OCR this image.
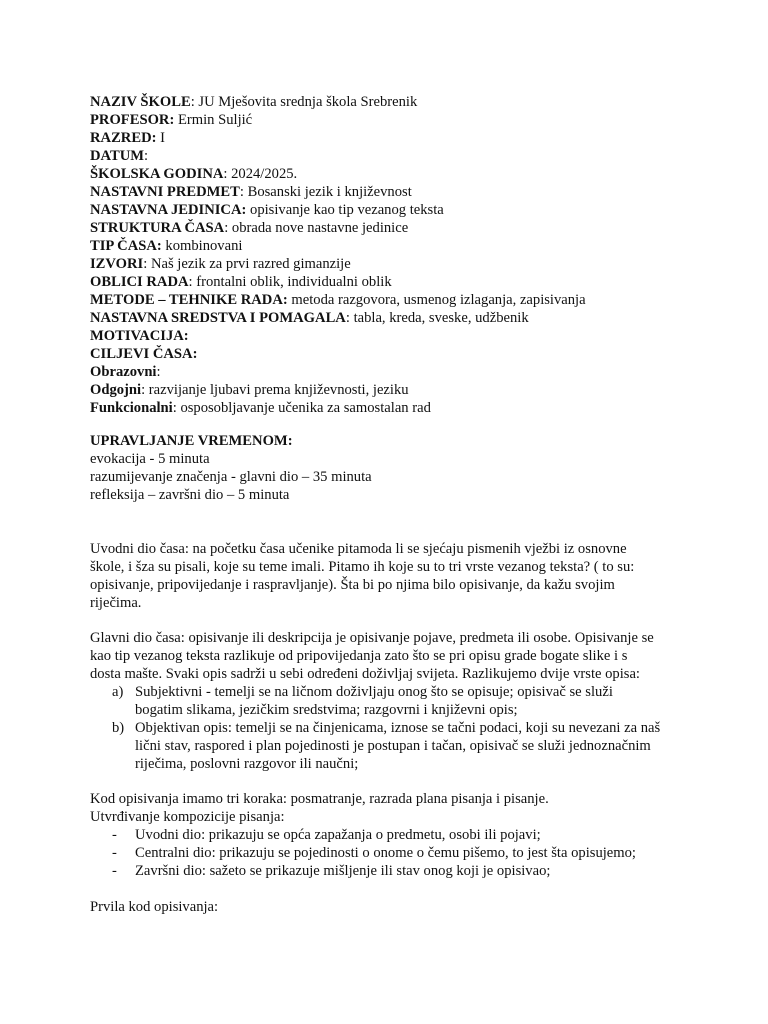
NAZIV ŠKOLE: JU Mješovita srednja škola Srebrenik
PROFESOR: Ermin Suljić
RAZRED: I
DATUM:
ŠKOLSKA GODINA: 2024/2025.
NASTAVNI PREDMET: Bosanski jezik i književnost
NASTAVNA JEDINICA: opisivanje kao tip vezanog teksta
STRUKTURA ČASA: obrada nove nastavne jedinice
TIP ČASA: kombinovani
IZVORI: Naš jezik za prvi razred gimanzije
OBLICI RADA: frontalni oblik, individualni oblik
METODE – TEHNIKE RADA: metoda razgovora, usmenog izlaganja, zapisivanja
NASTAVNA SREDSTVA I POMAGALA: tabla, kreda, sveske, udžbenik
MOTIVACIJA:
CILJEVI ČASA:
Obrazovni:
Odgojni: razvijanje ljubavi prema književnosti, jeziku
Funkcionalni: osposobljavanje učenika za samostalan rad
UPRAVLJANJE VREMENOM:
evokacija - 5 minuta
razumijevanje značenja - glavni dio – 35 minuta
refleksija – završni dio – 5 minuta
Uvodni dio časa: na početku časa učenike pitamoda li se sjećaju pismenih vježbi iz osnovne
škole, i šza su pisali, koje su teme imali. Pitamo ih koje su to tri vrste vezanog teksta? ( to su:
opisivanje, pripovijedanje i raspravljanje). Šta bi po njima bilo opisivanje, da kažu svojim
riječima.
Glavni dio časa: opisivanje ili deskripcija je opisivanje pojave, predmeta ili osobe. Opisivanje se
kao tip vezanog teksta razlikuje od pripovijedanja zato što se pri opisu grade bogate slike i s
dosta mašte. Svaki opis sadrži u sebi određeni doživljaj svijeta. Razlikujemo dvije vrste opisa:
a) Subjektivni - temelji se na ličnom doživljaju onog što se opisuje; opisivač se služi
bogatim slikama, jezičkim sredstvima; razgovrni i književni opis;
b) Objektivan opis: temelji se na činjenicama, iznose se tačni podaci, koji su nevezani za naš
lični stav, raspored i plan pojedinosti je postupan i tačan, opisivač se služi jednoznačnim
riječima, poslovni razgovor ili naučni;
Kod opisivanja imamo tri koraka: posmatranje, razrada plana pisanja i pisanje.
Utvrđivanje kompozicije pisanja:
- Uvodni dio: prikazuju se opća zapažanja o predmetu, osobi ili pojavi;
- Centralni dio: prikazuju se pojedinosti o onome o čemu pišemo, to jest šta opisujemo;
- Završni dio: sažeto se prikazuje mišljenje ili stav onog koji je opisivao;
Prvila kod opisivanja:
